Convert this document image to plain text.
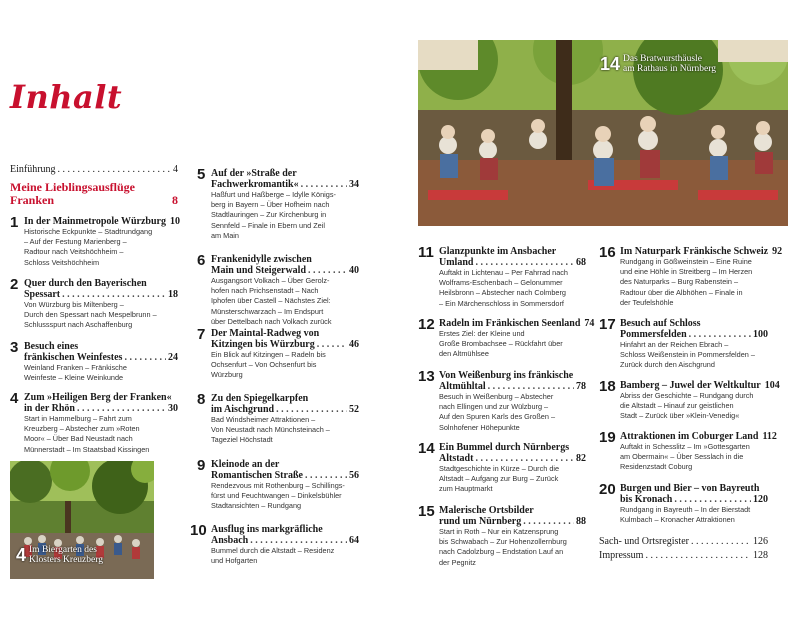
Inhalt
Einführung . . .	4
Meine Lieblingsausflüge
Franken	8
1 In der Mainmetropole Würzburg 10
Historische Eckpunkte – Stadtrundgang
– Auf der Festung Marienberg –
Radtour nach Veitshöchheim –
Schloss Veitshöchheim
2 Quer durch den Bayerischen
Spessart . . .	18
Von Würzburg bis Miltenberg –
Durch den Spessart nach Mespelbrunn –
Schlussspurt nach Aschaffenburg
3 Besuch eines
fränkischen Weinfestes . . .	24
Weinland Franken – Fränkische
Weinfeste – Kleine Weinkunde
4 Zum »Heiligen Berg der Franken«
in der Rhön . . .	30
Start in Hammelburg – Fahrt zum
Kreuzberg – Abstecher zum »Roten
Moor« – Über Bad Neustadt nach
Münnerstadt – Im Staatsbad Kissingen
4 Im Biergarten des
Klosters Kreuzberg
5 Auf der »Straße der
Fachwerkromantik« . . .	34
Haßfurt und Haßberge – Idylle Königs-
berg in Bayern – Über Hofheim nach
Stadtlauringen – Zur Kirchenburg in
Sennfeld – Finale in Ebern und Zeil
am Main
6 Frankenidylle zwischen
Main und Steigerwald . . .	40
Ausgangsort Volkach – Über Gerolz-
hofen nach Prichsenstadt – Nach
Iphofen über Castell – Nächstes Ziel:
Münsterschwarzach – Im Endspurt
über Dettelbach nach Volkach zurück
7 Der Maintal-Radweg von
Kitzingen bis Würzburg . . .	46
Ein Blick auf Kitzingen – Radeln bis
Ochsenfurt – Von Ochsenfurt bis
Würzburg
8 Zu den Spiegelkarpfen
im Aischgrund . . .	52
Bad Windsheimer Attraktionen –
Von Neustadt nach Münchsteinach –
Tageziel Höchstadt
9 Kleinode an der
Romantischen Straße . . .	56
Rendezvous mit Rothenburg – Schillings-
fürst und Feuchtwangen – Dinkelsbühler
Stadtansichten – Rundgang
10 Ausflug ins markgräfliche
Ansbach . . .	64
Bummel durch die Altstadt – Residenz
und Hofgarten
14 Das Bratwursthäusle
am Rathaus in Nürnberg
11 Glanzpunkte im Ansbacher
Umland . . .	68
Auftakt in Lichtenau – Per Fahrrad nach
Wolframs-Eschenbach – Gelonummer
Heilsbronn – Abstecher nach Colmberg
– Ein Märchenschloss in Sommersdorf
12 Radeln im Fränkischen Seenland 74
Erstes Ziel: der Kleine und
Große Brombachsee – Rückfahrt über
den Altmühlsee
13 Von Weißenburg ins fränkische
Altmühltal . . .	78
Besuch in Weißenburg – Abstecher
nach Ellingen und zur Wülzburg –
Auf den Spuren Karls des Großen –
Solnhofener Höhepunkte
14 Ein Bummel durch Nürnbergs
Altstadt . . .	82
Stadtgeschichte in Kürze – Durch die
Altstadt – Aufgang zur Burg – Zurück
zum Hauptmarkt
15 Malerische Ortsbilder
rund um Nürnberg . . .	88
Start in Roth – Nur ein Katzensprung
bis Schwabach – Zur Hohenzollernburg
nach Cadolzburg – Endstation Lauf an
der Pegnitz
16 Im Naturpark Fränkische Schweiz 92
Rundgang in Gößweinstein – Eine Ruine
und eine Höhle in Streitberg – Im Herzen
des Naturparks – Burg Rabenstein –
Radtour über die Albhöhen – Finale in
der Teufelshöhle
17 Besuch auf Schloss
Pommersfelden . . .	100
Hinfahrt an der Reichen Ebrach –
Schloss Weißenstein in Pommersfelden –
Zurück durch den Aischgrund
18 Bamberg – Juwel der Weltkultur 104
Abriss der Geschichte – Rundgang durch
die Altstadt – Hinauf zur geistlichen
Stadt – Zurück über »Klein-Venedig«
19 Attraktionen im Coburger Land 112
Auftakt in Schesslitz – Im »Gottesgarten
am Obermain« – Über Sesslach in die
Residenzstadt Coburg
20 Burgen und Bier – von Bayreuth
bis Kronach . . .	120
Rundgang in Bayreuth – In der Bierstadt
Kulmbach – Kronacher Attraktionen
Sach- und Ortsregister . . .	126
Impressum . . .	128
